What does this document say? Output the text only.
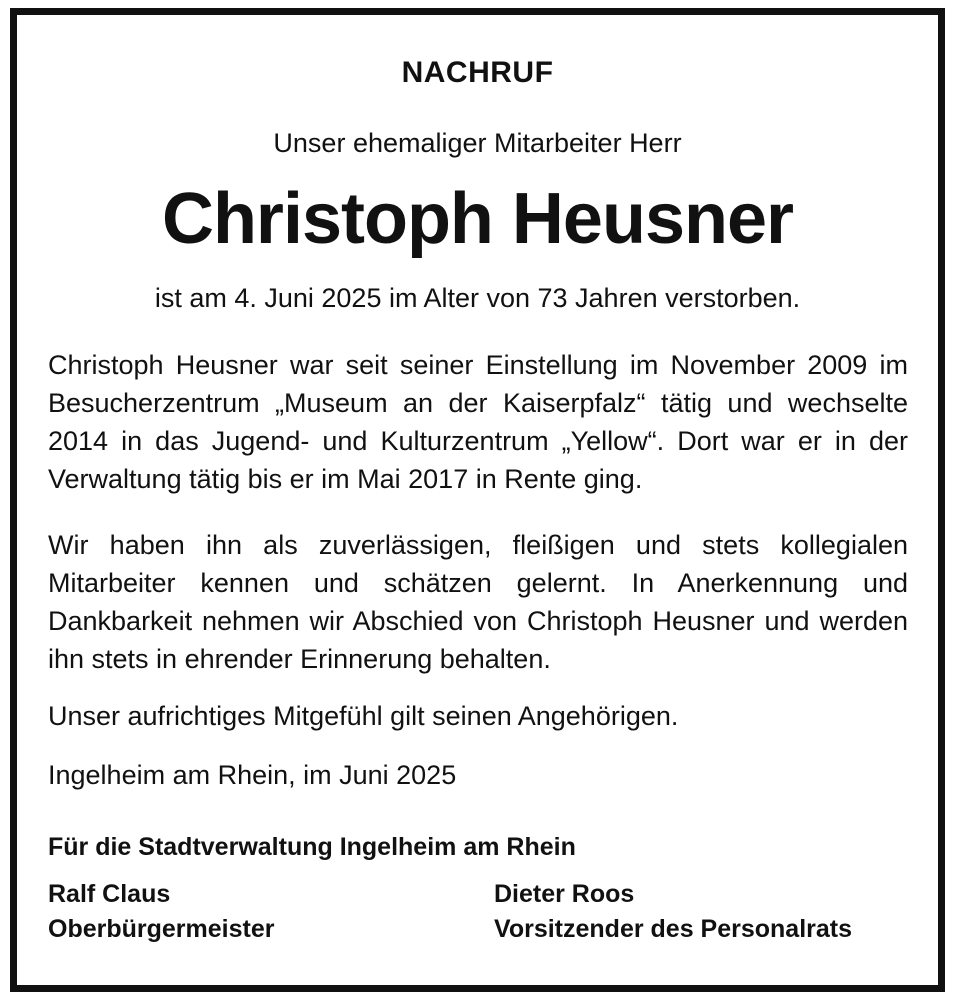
NACHRUF

Unser ehemaliger Mitarbeiter Herr

Christoph Heusner

ist am 4. Juni 2025 im Alter von 73 Jahren verstorben.

Christoph Heusner war seit seiner Einstellung im November 2009 im Besucherzentrum „Museum an der Kaiserpfalz“ tätig und wechselte 2014 in das Jugend- und Kulturzentrum „Yellow“. Dort war er in der Verwaltung tätig bis er im Mai 2017 in Rente ging.

Wir haben ihn als zuverlässigen, fleißigen und stets kollegialen Mitarbeiter kennen und schätzen gelernt. In Anerkennung und Dankbarkeit nehmen wir Abschied von Christoph Heusner und werden ihn stets in ehrender Erinnerung behalten.

Unser aufrichtiges Mitgefühl gilt seinen Angehörigen.

Ingelheim am Rhein, im Juni 2025

Für die Stadtverwaltung Ingelheim am Rhein

Ralf Claus
Oberbürgermeister
Dieter Roos
Vorsitzender des Personalrats
